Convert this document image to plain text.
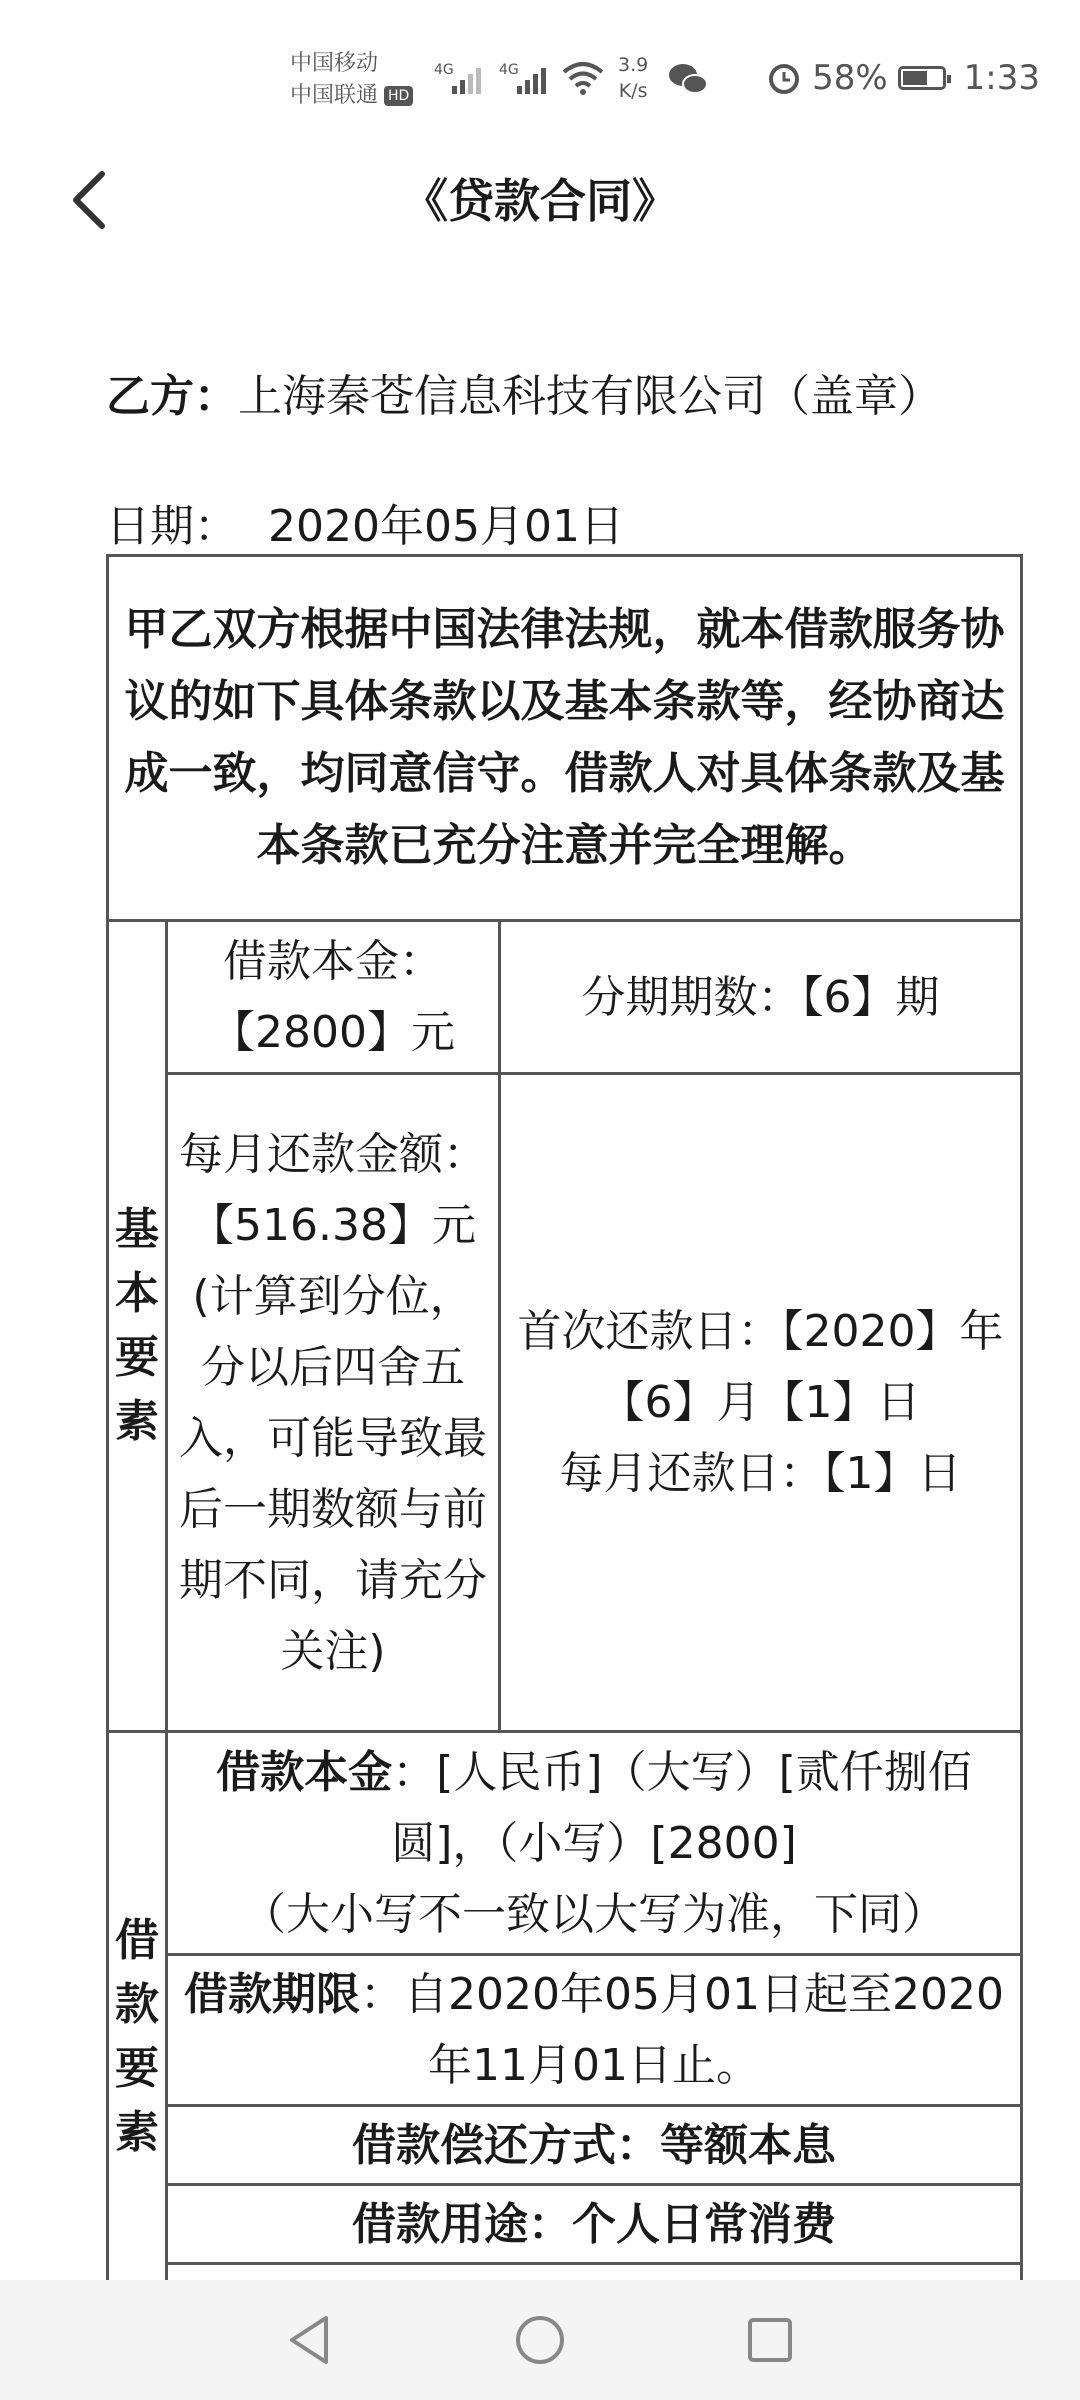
中国移动
中国联通 HD
4G	4G	3.9
K/s	58% 1:33
《贷款合同》
乙方：上海秦苍信息科技有限公司（盖章）
日期： 2020年05月01日
甲乙双方根据中国法律法规，就本借款服务协议的如下具体条款以及基本条款等，经协商达成一致，均同意信守。借款人对具体条款及基本条款已充分注意并完全理解。		
基本要素	借款本金：【2800】元	分期期数：【6】期
	每月还款金额：【516.38】元(计算到分位，分以后四舍五入，可能导致最后一期数额与前期不同，请充分关注)	首次还款日：【2020】年【6】月【1】日
每月还款日：【1】日

借款要素	借款本金：[人民币]（大写）[贰仟捌佰圆]，（小写）[2800]
（大小写不一致以大写为准，下同）	

	借款期限：自2020年05月01日起至2020年11月01日止。	
	借款偿还方式：等额本息	
	借款用途：个人日常消费	
